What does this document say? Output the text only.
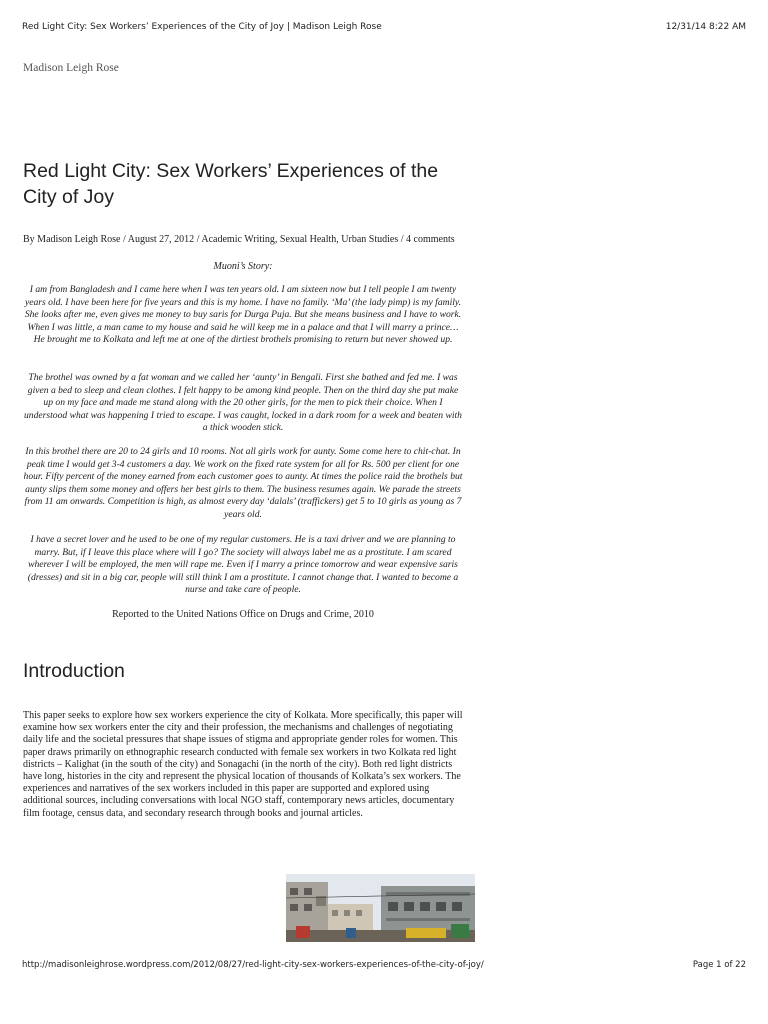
Red Light City: Sex Workers’ Experiences of the City of Joy | Madison Leigh Rose	12/31/14 8:22 AM
Madison Leigh Rose
Red Light City: Sex Workers’ Experiences of the City of Joy
By Madison Leigh Rose / August 27, 2012 / Academic Writing, Sexual Health, Urban Studies / 4 comments
Muoni’s Story:

I am from Bangladesh and I came here when I was ten years old. I am sixteen now but I tell people I am twenty years old. I have been here for five years and this is my home. I have no family. ‘Ma’ (the lady pimp) is my family. She looks after me, even gives me money to buy saris for Durga Puja. But she means business and I have to work. When I was little, a man came to my house and said he will keep me in a palace and that I will marry a prince… He brought me to Kolkata and left me at one of the dirtiest brothels promising to return but never showed up.

The brothel was owned by a fat woman and we called her ‘aunty’ in Bengali. First she bathed and fed me. I was given a bed to sleep and clean clothes. I felt happy to be among kind people. Then on the third day she put make up on my face and made me stand along with the 20 other girls, for the men to pick their choice. When I understood what was happening I tried to escape. I was caught, locked in a dark room for a week and beaten with a thick wooden stick.

In this brothel there are 20 to 24 girls and 10 rooms. Not all girls work for aunty. Some come here to chit-chat. In peak time I would get 3-4 customers a day. We work on the fixed rate system for all for Rs. 500 per client for one hour. Fifty percent of the money earned from each customer goes to aunty. At times the police raid the brothels but aunty slips them some money and offers her best girls to them. The business resumes again. We parade the streets from 11 am onwards. Competition is high, as almost every day ‘dalals’ (traffickers) get 5 to 10 girls as young as 7 years old.

I have a secret lover and he used to be one of my regular customers. He is a taxi driver and we are planning to marry. But, if I leave this place where will I go? The society will always label me as a prostitute. I am scared wherever I will be employed, the men will rape me. Even if I marry a prince tomorrow and wear expensive saris (dresses) and sit in a big car, people will still think I am a prostitute. I cannot change that. I wanted to become a nurse and take care of people.

Reported to the United Nations Office on Drugs and Crime, 2010
Introduction
This paper seeks to explore how sex workers experience the city of Kolkata. More specifically, this paper will examine how sex workers enter the city and their profession, the mechanisms and challenges of negotiating daily life and the societal pressures that shape issues of stigma and appropriate gender roles for women. This paper draws primarily on ethnographic research conducted with female sex workers in two Kolkata red light districts – Kalighat (in the south of the city) and Sonagachi (in the north of the city). Both red light districts have long, histories in the city and represent the physical location of thousands of Kolkata’s sex workers. The experiences and narratives of the sex workers included in this paper are supported and explored using additional sources, including conversations with local NGO staff, contemporary news articles, documentary film footage, census data, and secondary research through books and journal articles.
http://madisonleighrose.wordpress.com/2012/08/27/red-light-city-sex-workers-experiences-of-the-city-of-joy/	Page 1 of 22
